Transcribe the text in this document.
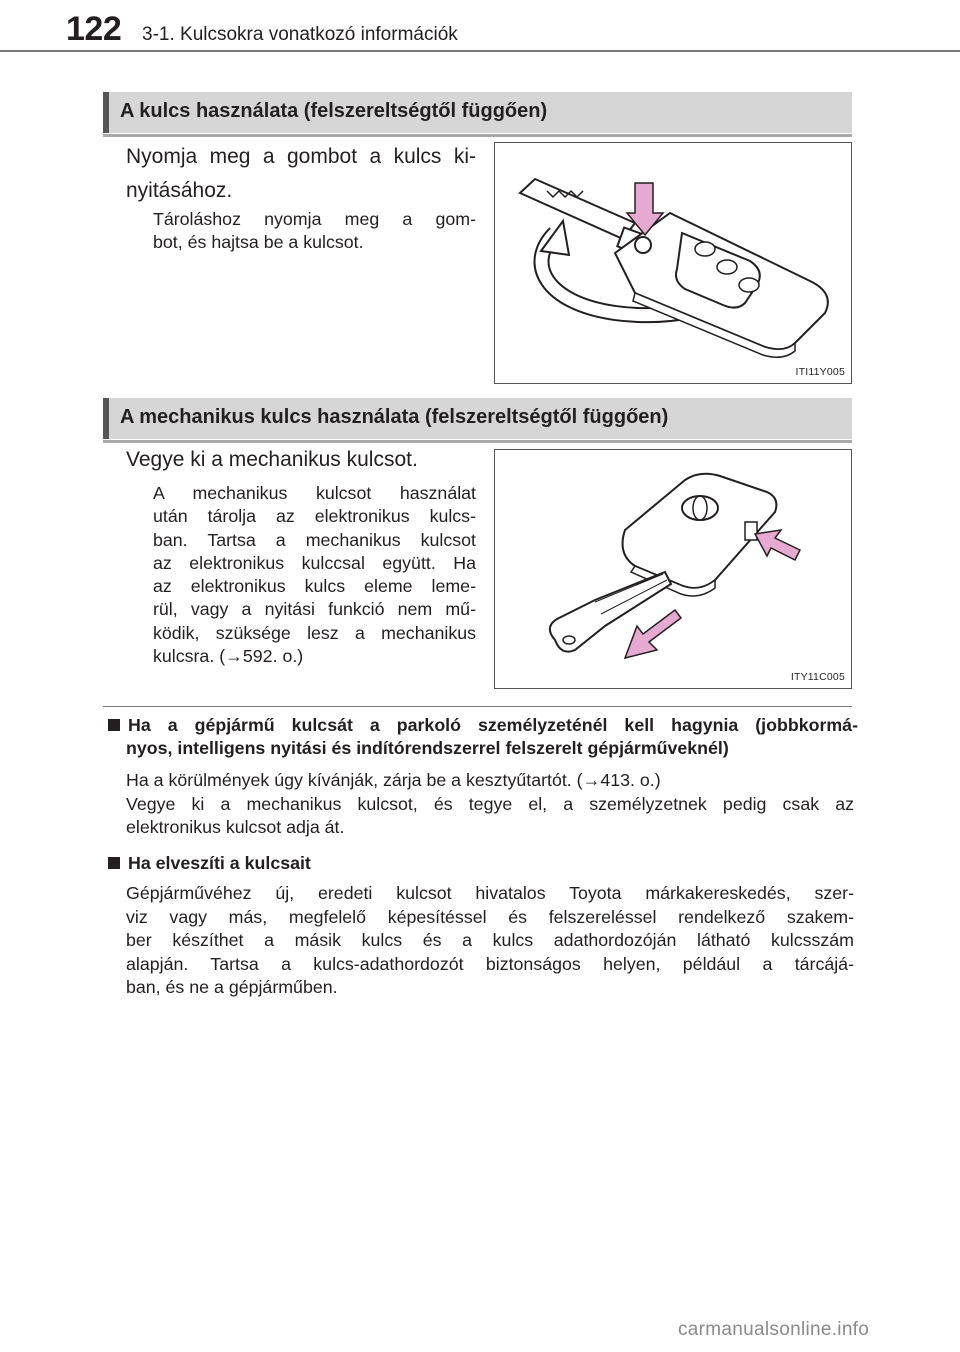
122 3-1. Kulcsokra vonatkozó információk
A kulcs használata (felszereltségtől függően)
Nyomja meg a gombot a kulcs ki-
nyitásához.
Tároláshoz nyomja meg a gom-
bot, és hajtsa be a kulcsot.
ITI11Y005
A mechanikus kulcs használata (felszereltségtől függően)
Vegye ki a mechanikus kulcsot.
A mechanikus kulcsot használat
után tárolja az elektronikus kulcs-
ban. Tartsa a mechanikus kulcsot
az elektronikus kulccsal együtt. Ha
az elektronikus kulcs eleme leme-
rül, vagy a nyitási funkció nem mű-
ködik, szüksége lesz a mechanikus
kulcsra. (→592. o.)
ITY11C005
Ha a gépjármű kulcsát a parkoló személyzeténél kell hagynia (jobbkormá-
nyos, intelligens nyitási és indítórendszerrel felszerelt gépjárműveknél)
Ha a körülmények úgy kívánják, zárja be a kesztyűtartót. (→413. o.)
Vegye ki a mechanikus kulcsot, és tegye el, a személyzetnek pedig csak az
elektronikus kulcsot adja át.
Ha elveszíti a kulcsait
Gépjárművéhez új, eredeti kulcsot hivatalos Toyota márkakereskedés, szer-
viz vagy más, megfelelő képesítéssel és felszereléssel rendelkező szakem-
ber készíthet a másik kulcs és a kulcs adathordozóján látható kulcsszám
alapján. Tartsa a kulcs-adathordozót biztonságos helyen, például a tárcájá-
ban, és ne a gépjárműben.
carmanualsonline.info
